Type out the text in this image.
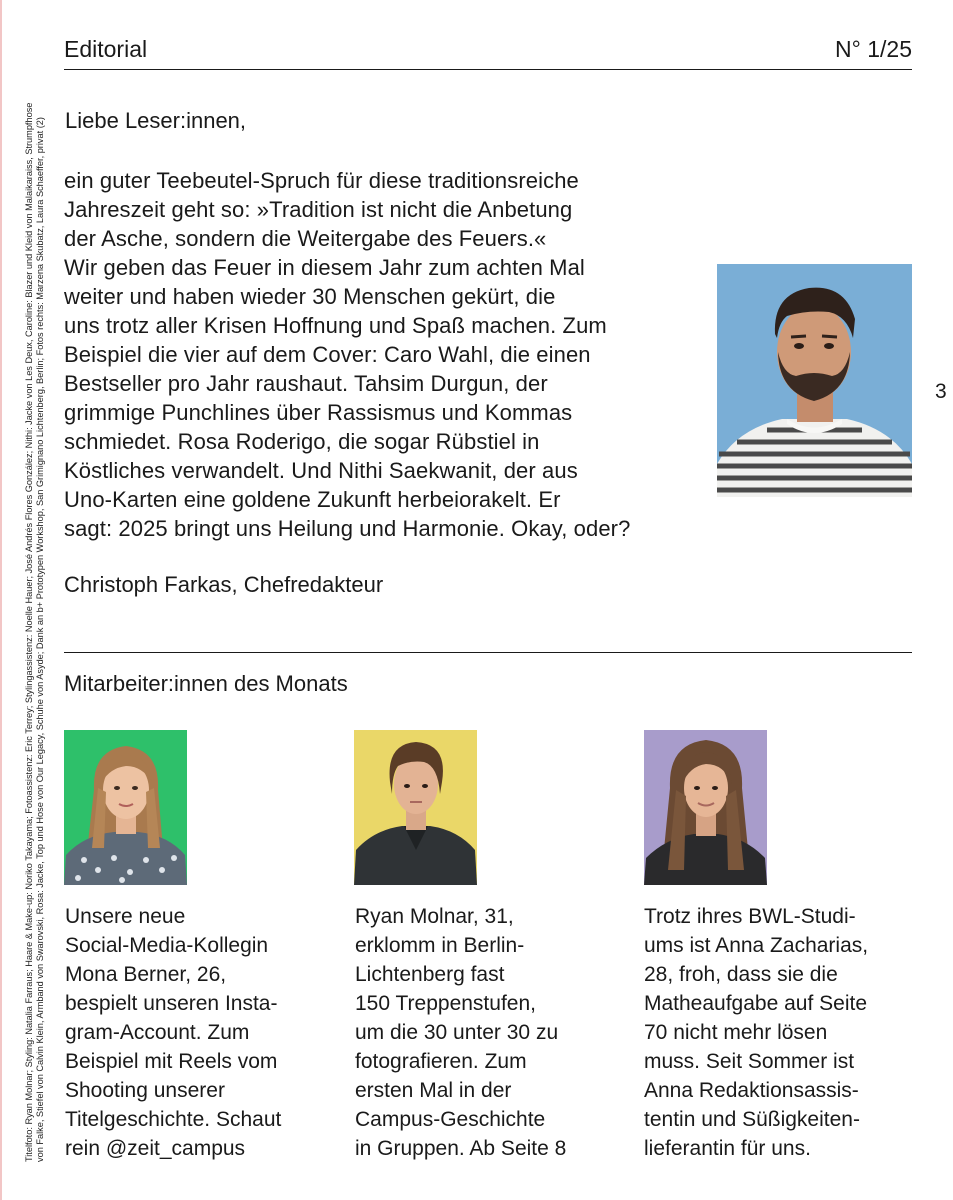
Editorial	N° 1/25
Titelfoto: Ryan Molnar; Styling: Natalia Farraus; Haare & Make-up: Noriko Takayama; Fotoassistenz: Eric Terrey; Stylingassistenz: Noelle Hauer; José Andrés Flores González; Nithi: Jacke von Les Deux, Caroline: Blazer und Kleid von Malaikaraiss, Strumpfhose von Falke, Stiefel von Calvin Klein, Armband von Swarovski, Rosa: Jacke, Top und Hose von Our Legacy, Schuhe von Asyde; Dank an b+ Prototypen Workshop, San Grimignano Lichtenberg, Berlin; Fotos rechts: Marzena Skubatz, Laura Schaeffer, privat (2) Liebe Leser:innen,
ein guter Teebeutel-Spruch für diese traditionsreiche
Jahreszeit geht so: »Tradition ist nicht die Anbetung
der Asche, sondern die Weitergabe des Feuers.«
Wir geben das Feuer in diesem Jahr zum achten Mal
weiter und haben wieder 30 Menschen gekürt, die
uns trotz aller Krisen Hoffnung und Spaß machen. Zum
Beispiel die vier auf dem Cover: Caro Wahl, die einen
Bestseller pro Jahr raushaut. Tahsim Durgun, der
grimmige Punchlines über Rassismus und Kommas
schmiedet. Rosa Roderigo, die sogar Rübstiel in
Köstliches verwandelt. Und Nithi Saekwanit, der aus
Uno-Karten eine goldene Zukunft herbeiorakelt. Er
sagt: 2025 bringt uns Heilung und Harmonie. Okay, oder?
Christoph Farkas, Chefredakteur
3
Mitarbeiter:innen des Monats
Unsere neue
Social-Media-Kollegin
Mona Berner, 26,
bespielt unseren Insta-
gram-Account. Zum
Beispiel mit Reels vom
Shooting unserer
Titelgeschichte. Schaut
rein @zeit_campus
Ryan Molnar, 31,
erklomm in Berlin-
Lichtenberg fast
150 Treppenstufen,
um die 30 unter 30 zu
fotografieren. Zum
ersten Mal in der
Campus-Geschichte
in Gruppen. Ab Seite 8
Trotz ihres BWL-Studi-
ums ist Anna Zacharias,
28, froh, dass sie die
Matheaufgabe auf Seite
70 nicht mehr lösen
muss. Seit Sommer ist
Anna Redaktionsassis-
tentin und Süßigkeiten-
lieferantin für uns.
